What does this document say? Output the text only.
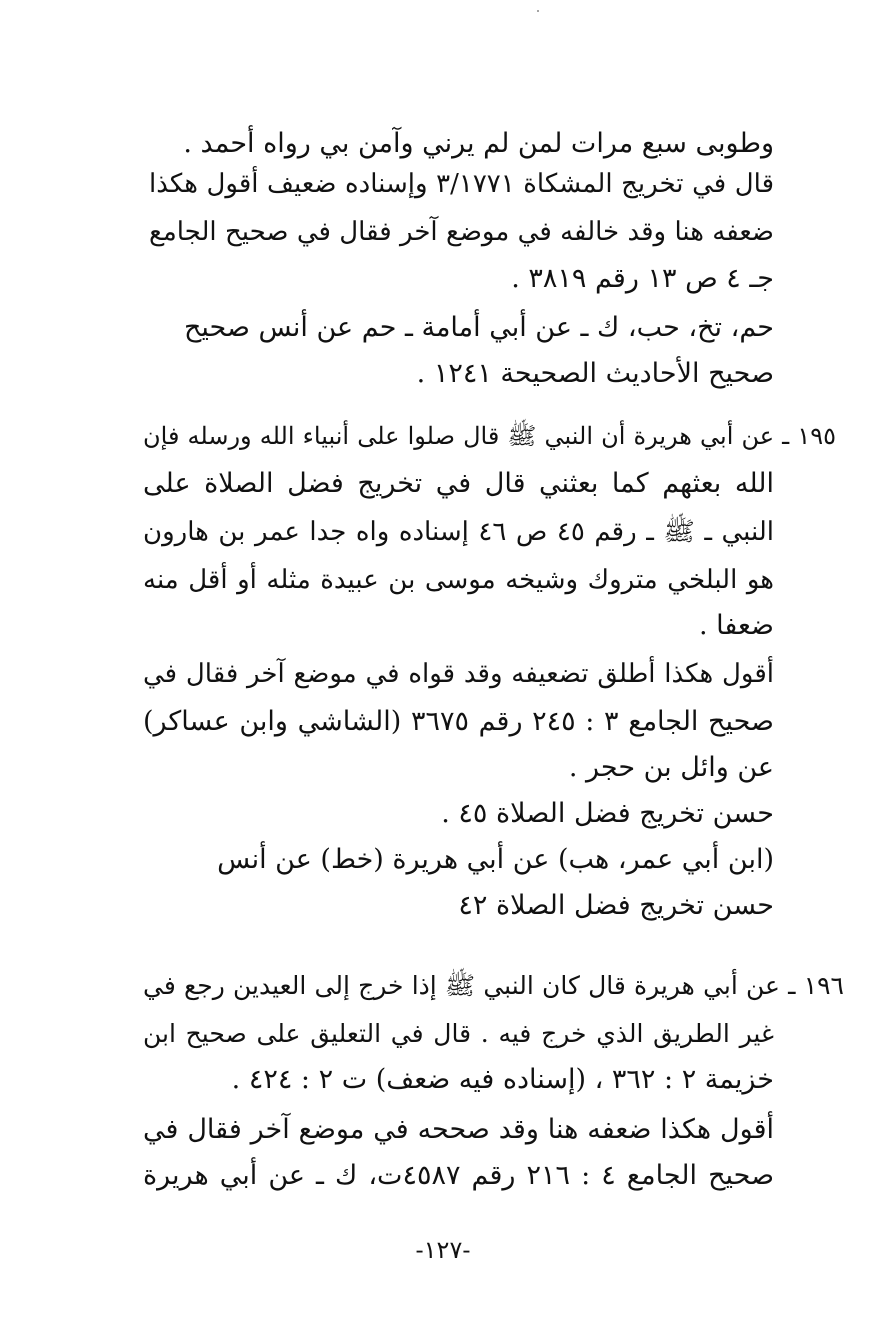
وطوبى سبع مرات لمن لم يرني وآمن بي رواه أحمد .
قال في تخريج المشكاة ٣/١٧٧١ وإسناده ضعيف أقول هكذا
ضعفه هنا وقد خالفه في موضع آخر فقال في صحيح الجامع
جـ ٤ ص ١٣ رقم ٣٨١٩ .
حم، تخ، حب، ك ـ عن أبي أمامة ـ حم عن أنس صحيح
صحيح الأحاديث الصحيحة ١٢٤١ .
١٩٥ ـ عن أبي هريرة أن النبي ﷺ قال صلوا على أنبياء الله ورسله فإن
الله بعثهم كما بعثني قال في تخريج فضل الصلاة على
النبي ـ ﷺ ـ رقم ٤٥ ص ٤٦ إسناده واه جدا عمر بن هارون
هو البلخي متروك وشيخه موسى بن عبيدة مثله أو أقل منه
ضعفا .
أقول هكذا أطلق تضعيفه وقد قواه في موضع آخر فقال في
صحيح الجامع ٣ : ٢٤٥ رقم ٣٦٧٥ (الشاشي وابن عساكر)
عن وائل بن حجر .
حسن تخريج فضل الصلاة ٤٥ .
(ابن أبي عمر، هب) عن أبي هريرة (خط) عن أنس
حسن تخريج فضل الصلاة ٤٢
١٩٦ ـ عن أبي هريرة قال كان النبي ﷺ إذا خرج إلى العيدين رجع في
غير الطريق الذي خرج فيه . قال في التعليق على صحيح ابن
خزيمة ٢ : ٣٦٢ ، (إسناده فيه ضعف) ت ٢ : ٤٢٤ .
أقول هكذا ضعفه هنا وقد صححه في موضع آخر فقال في
صحيح الجامع ٤ : ٢١٦ رقم ٤٥٨٧ت، ك ـ عن أبي هريرة
-١٢٧-
